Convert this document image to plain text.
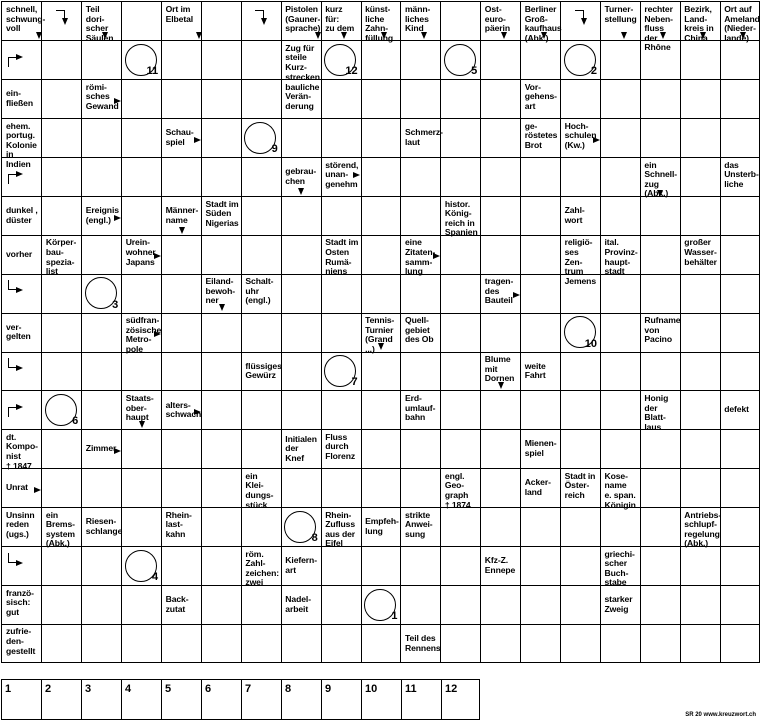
schnell,
schwung-
voll
Teil
dori-
scher
Säulen
Ort im
Elbetal
Pistolen
(Gauner-
sprache)
kurz für:
zu dem
künst-
liche
Zahn-
füllung
männ-
liches
Kind
Ost-
euro-
päerin
Berliner
Groß-
kaufhaus
(Abk.)
Turner-
stellung
rechter
Neben-
fluss der
Rhône
Bezirk,
Land-
kreis in
China
Ort auf
Ameland
(Nieder-
lande)
11
Zug für
steile
Kurz-
strecken 12	5	2
ein-
fließen
römi-
sches
Gewand
bauliche
Verän-
derung
Vor-
gehens-
art
ehem.
portug.
Kolonie
in Indien
Schau-
spiel
9
Schmerz-
laut
ge-
röstetes
Brot
Hoch-
schulen
(Kw.)
gebrau-
chen
störend,
unan-
genehm
ein
Schnell-
zug
(Abk.)
das
Unsterb-
liche
dunkel ,
düster
Ereignis
(engl.)
Männer-
name
Stadt im
Süden
Nigerias
histor.
König-
reich in
Spanien
Zahl-
wort
vorher
Körper-
bau-
spezia-
list
Urein-
wohner
Japans
Stadt im
Osten
Rumä-
niens
eine
Zitaten-
samm-
lung
religiö-
ses Zen-
trum
Jemens
ital.
Provinz-
haupt-
stadt
großer
Wasser-
behälter
3
Eiland-
bewoh-
ner
Schalt-
uhr
(engl.)
tragen-
des
Bauteil
ver-
gelten
südfran-
zösische
Metro-
pole
Tennis-
Turnier
(Grand
...)
Quell-
gebiet
des Ob	10
Rufname
von
Pacino
flüssiges
Gewürz
7
Blume
mit
Dornen
weite
Fahrt
6
Staats-
ober-
haupt
alters-
schwach
Erd-
umlauf-
bahn
Honig
der
Blatt-
laus
defekt
dt.
Kompo-
nist
† 1847
Zimmer
Initialen
der Knef
Fluss
durch
Florenz
Mienen-
spiel
Unrat
ein
Klei-
dungs-
stück
engl.
Geo-
graph
† 1874
Acker-
land
Stadt in
Öster-
reich
Kose-
name
e. span.
Königin
Unsinn
reden
(ugs.)
ein
Brems-
system
(Abk.)
Riesen-
schlange
Rhein-
last-
kahn	8
Rhein-
Zufluss
aus der
Eifel
Empfeh-
lung
strikte
Anwei-
sung
Antriebs-
schlupf-
regelung
(Abk.)
4
röm.
Zahl-
zeichen:
zwei
Kiefern-
art
Kfz-Z.
Ennepe
griechi-
scher
Buch-
stabe
franzö-
sisch:
gut
Back-
zutat
Nadel-
arbeit
1
starker
Zweig
zufrie-
den-
gestellt
Teil des
Rennens
SR 20 www.kreuzwort.ch
1	2	3	4	5	6	7	8	9	10	11	12
